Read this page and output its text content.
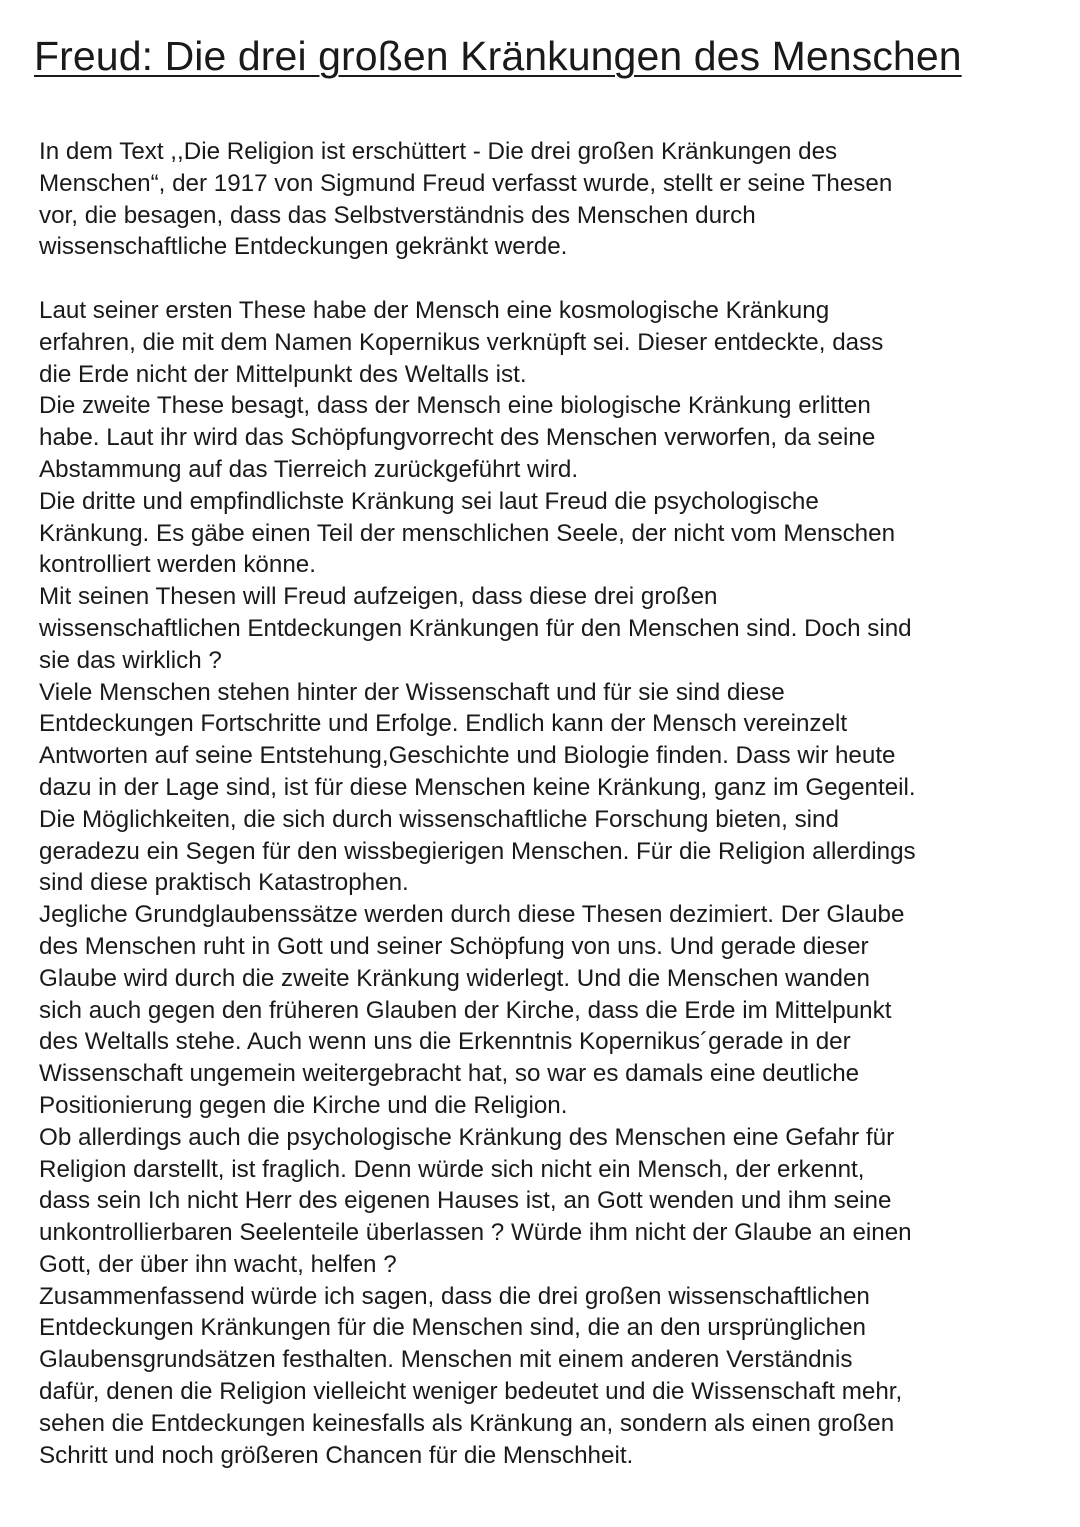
Freud: Die drei großen Kränkungen des Menschen

In dem Text ,,Die Religion ist erschüttert - Die drei großen Kränkungen des
Menschen“, der 1917 von Sigmund Freud verfasst wurde, stellt er seine Thesen
vor, die besagen, dass das Selbstverständnis des Menschen durch
wissenschaftliche Entdeckungen gekränkt werde.

Laut seiner ersten These habe der Mensch eine kosmologische Kränkung
erfahren, die mit dem Namen Kopernikus verknüpft sei. Dieser entdeckte, dass
die Erde nicht der Mittelpunkt des Weltalls ist.

Die zweite These besagt, dass der Mensch eine biologische Kränkung erlitten
habe. Laut ihr wird das Schöpfungvorrecht des Menschen verworfen, da seine
Abstammung auf das Tierreich zurückgeführt wird.

Die dritte und empfindlichste Kränkung sei laut Freud die psychologische
Kränkung. Es gäbe einen Teil der menschlichen Seele, der nicht vom Menschen
kontrolliert werden könne.

Mit seinen Thesen will Freud aufzeigen, dass diese drei großen
wissenschaftlichen Entdeckungen Kränkungen für den Menschen sind. Doch sind
sie das wirklich ?

Viele Menschen stehen hinter der Wissenschaft und für sie sind diese
Entdeckungen Fortschritte und Erfolge. Endlich kann der Mensch vereinzelt
Antworten auf seine Entstehung,Geschichte und Biologie finden. Dass wir heute
dazu in der Lage sind, ist für diese Menschen keine Kränkung, ganz im Gegenteil.
Die Möglichkeiten, die sich durch wissenschaftliche Forschung bieten, sind
geradezu ein Segen für den wissbegierigen Menschen. Für die Religion allerdings
sind diese praktisch Katastrophen.

Jegliche Grundglaubenssätze werden durch diese Thesen dezimiert. Der Glaube
des Menschen ruht in Gott und seiner Schöpfung von uns. Und gerade dieser
Glaube wird durch die zweite Kränkung widerlegt. Und die Menschen wanden
sich auch gegen den früheren Glauben der Kirche, dass die Erde im Mittelpunkt
des Weltalls stehe. Auch wenn uns die Erkenntnis Kopernikus´gerade in der
Wissenschaft ungemein weitergebracht hat, so war es damals eine deutliche
Positionierung gegen die Kirche und die Religion.

Ob allerdings auch die psychologische Kränkung des Menschen eine Gefahr für
Religion darstellt, ist fraglich. Denn würde sich nicht ein Mensch, der erkennt,
dass sein Ich nicht Herr des eigenen Hauses ist, an Gott wenden und ihm seine
unkontrollierbaren Seelenteile überlassen ? Würde ihm nicht der Glaube an einen
Gott, der über ihn wacht, helfen ?

Zusammenfassend würde ich sagen, dass die drei großen wissenschaftlichen
Entdeckungen Kränkungen für die Menschen sind, die an den ursprünglichen
Glaubensgrundsätzen festhalten. Menschen mit einem anderen Verständnis
dafür, denen die Religion vielleicht weniger bedeutet und die Wissenschaft mehr,
sehen die Entdeckungen keinesfalls als Kränkung an, sondern als einen großen
Schritt und noch größeren Chancen für die Menschheit.
